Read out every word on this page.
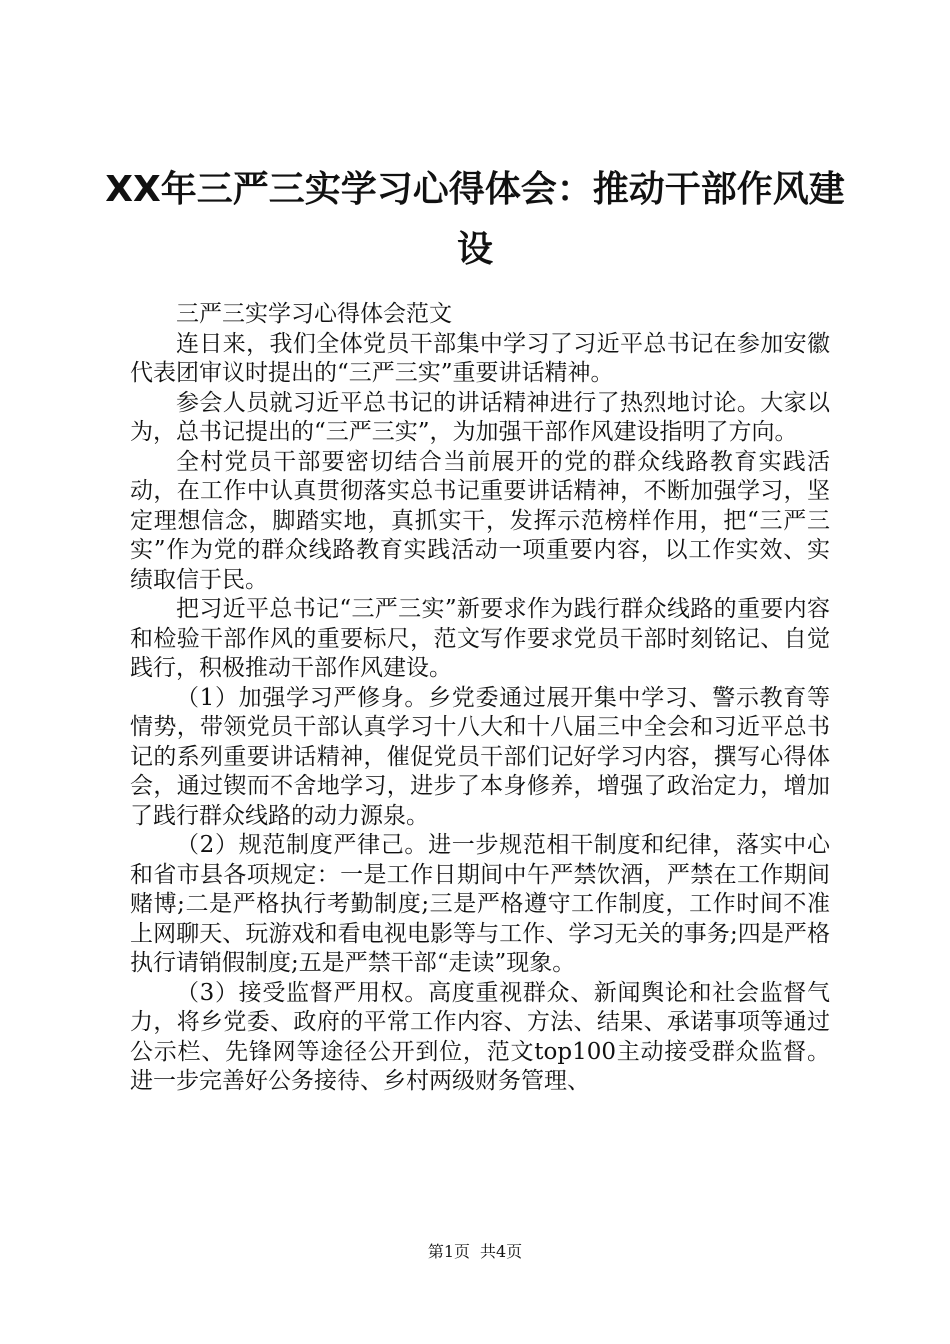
XX年三严三实学习心得体会：推动干部作风建设

三严三实学习心得体会范文

连日来，我们全体党员干部集中学习了习近平总书记在参加安徽代表团审议时提出的“三严三实”重要讲话精神。

参会人员就习近平总书记的讲话精神进行了热烈地讨论。大家以为，总书记提出的“三严三实”，为加强干部作风建设指明了方向。

全村党员干部要密切结合当前展开的党的群众线路教育实践活动，在工作中认真贯彻落实总书记重要讲话精神，不断加强学习，坚定理想信念，脚踏实地，真抓实干，发挥示范榜样作用，把“三严三实”作为党的群众线路教育实践活动一项重要内容，以工作实效、实绩取信于民。

把习近平总书记“三严三实”新要求作为践行群众线路的重要内容和检验干部作风的重要标尺，范文写作要求党员干部时刻铭记、自觉践行，积极推动干部作风建设。

（1）加强学习严修身。乡党委通过展开集中学习、警示教育等情势，带领党员干部认真学习十八大和十八届三中全会和习近平总书记的系列重要讲话精神，催促党员干部们记好学习内容，撰写心得体会，通过锲而不舍地学习，进步了本身修养，增强了政治定力，增加了践行群众线路的动力源泉。

（2）规范制度严律己。进一步规范相干制度和纪律，落实中心和省市县各项规定：一是工作日期间中午严禁饮酒，严禁在工作期间赌博;二是严格执行考勤制度;三是严格遵守工作制度，工作时间不准上网聊天、玩游戏和看电视电影等与工作、学习无关的事务;四是严格执行请销假制度;五是严禁干部“走读”现象。

（3）接受监督严用权。高度重视群众、新闻舆论和社会监督气力，将乡党委、政府的平常工作内容、方法、结果、承诺事项等通过公示栏、先锋网等途径公开到位，范文top100主动接受群众监督。进一步完善好公务接待、乡村两级财务管理、

第1页 共4页
